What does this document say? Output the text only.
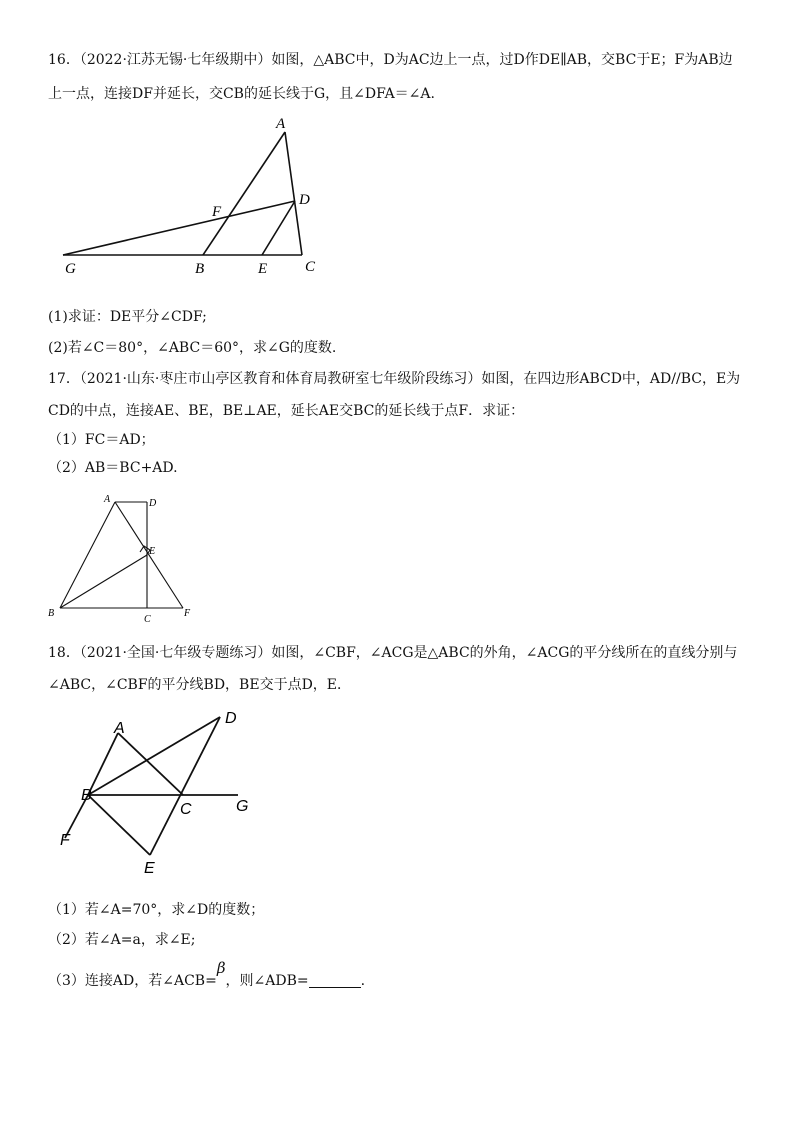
16．（2022·江苏无锡·七年级期中）如图，△ABC中，D为AC边上一点，过D作DE∥AB，交BC于E；F为AB边
上一点，连接DF并延长，交CB的延长线于G，且∠DFA＝∠A.
A
D
F
G	B	E	C
(1)求证：DE平分∠CDF;
(2)若∠C＝80°，∠ABC＝60°，求∠G的度数.
17．（2021·山东·枣庄市山亭区教育和体育局教研室七年级阶段练习）如图，在四边形ABCD中，AD//BC，E为
CD的中点，连接AE、BE，BE⊥AE，延长AE交BC的延长线于点F．求证：
（1）FC＝AD；
（2）AB＝BC+AD.
A	D
E
B
C
F
18．（2021·全国·七年级专题练习）如图，∠CBF，∠ACG是△ABC的外角，∠ACG的平分线所在的直线分别与
∠ABC，∠CBF的平分线BD，BE交于点D，E．
A
D
B
C	G
F
E
（1）若∠A=70°，求∠D的度数；
（2）若∠A=a，求∠E;
（3）连接AD，若∠ACB=β，则∠ADB=	.
